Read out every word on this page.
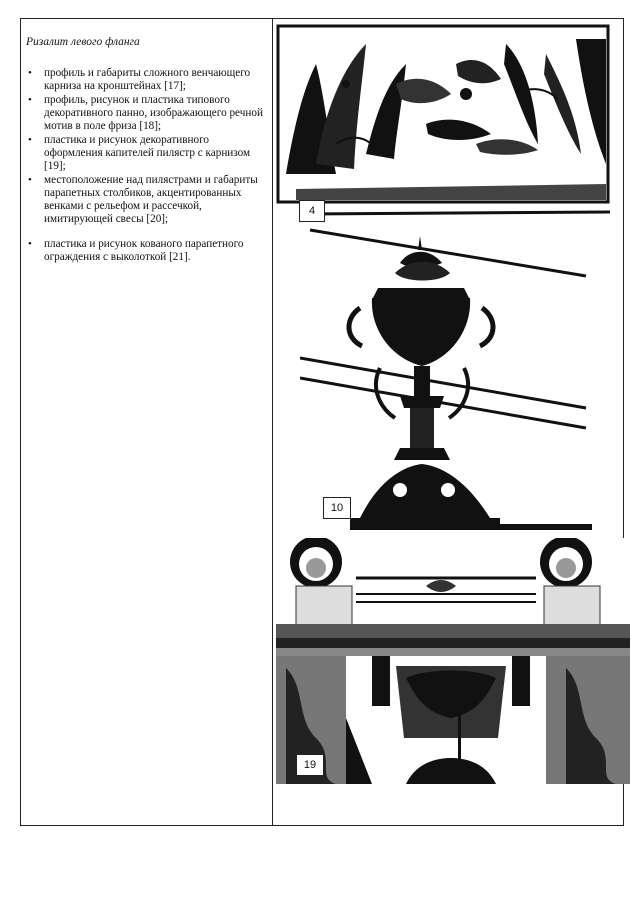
Ризалит левого фланга
• профиль и габариты сложного венчающего карниза на кронштейнах [17];
• профиль, рисунок и пластика типового декоративного панно, изображающего речной мотив в поле фриза [18];
• пластика и рисунок декоративного оформления капителей пилястр с карнизом [19];
• местоположение над пилястрами и габариты парапетных столбиков, акцентированных венками с рельефом и рассечкой, имитирующей свесы [20];
• пластика и рисунок кованого парапетного ограждения с выколоткой [21].
4
10
19
